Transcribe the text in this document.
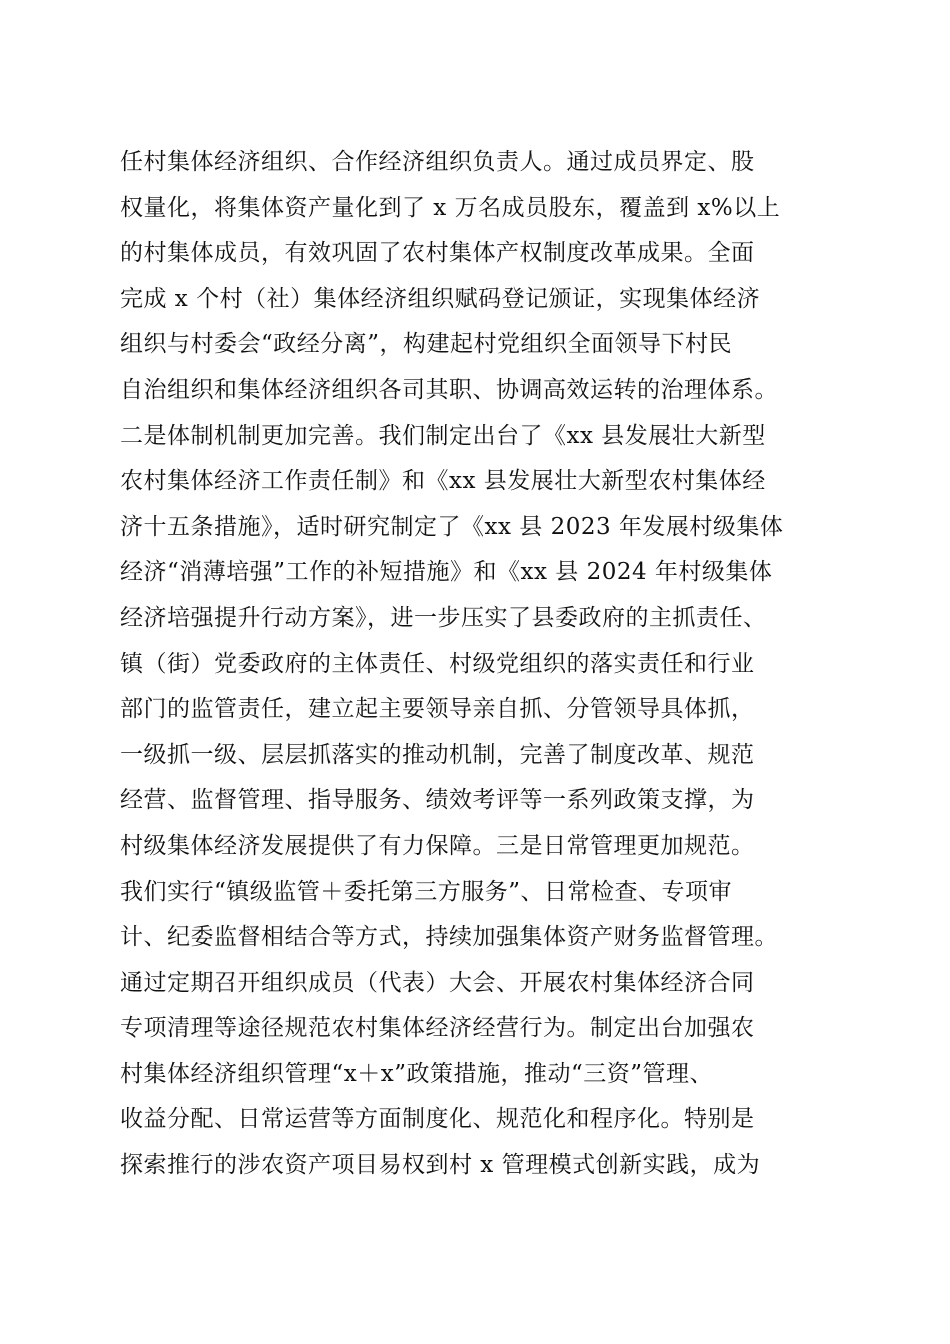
任村集体经济组织、合作经济组织负责人。通过成员界定、股
权量化，将集体资产量化到了 x 万名成员股东，覆盖到 x%以上
的村集体成员，有效巩固了农村集体产权制度改革成果。全面
完成 x 个村（社）集体经济组织赋码登记颁证，实现集体经济
组织与村委会“政经分离”，构建起村党组织全面领导下村民
自治组织和集体经济组织各司其职、协调高效运转的治理体系。
二是体制机制更加完善。我们制定出台了《xx 县发展壮大新型
农村集体经济工作责任制》和《xx 县发展壮大新型农村集体经
济十五条措施》，适时研究制定了《xx 县 2023 年发展村级集体
经济“消薄培强”工作的补短措施》和《xx 县 2024 年村级集体
经济培强提升行动方案》，进一步压实了县委政府的主抓责任、
镇（街）党委政府的主体责任、村级党组织的落实责任和行业
部门的监管责任，建立起主要领导亲自抓、分管领导具体抓，
一级抓一级、层层抓落实的推动机制，完善了制度改革、规范
经营、监督管理、指导服务、绩效考评等一系列政策支撑，为
村级集体经济发展提供了有力保障。三是日常管理更加规范。
我们实行“镇级监管＋委托第三方服务”、日常检查、专项审
计、纪委监督相结合等方式，持续加强集体资产财务监督管理。
通过定期召开组织成员（代表）大会、开展农村集体经济合同
专项清理等途径规范农村集体经济经营行为。制定出台加强农
村集体经济组织管理“x＋x”政策措施，推动“三资”管理、
收益分配、日常运营等方面制度化、规范化和程序化。特别是
探索推行的涉农资产项目易权到村 x 管理模式创新实践，成为
